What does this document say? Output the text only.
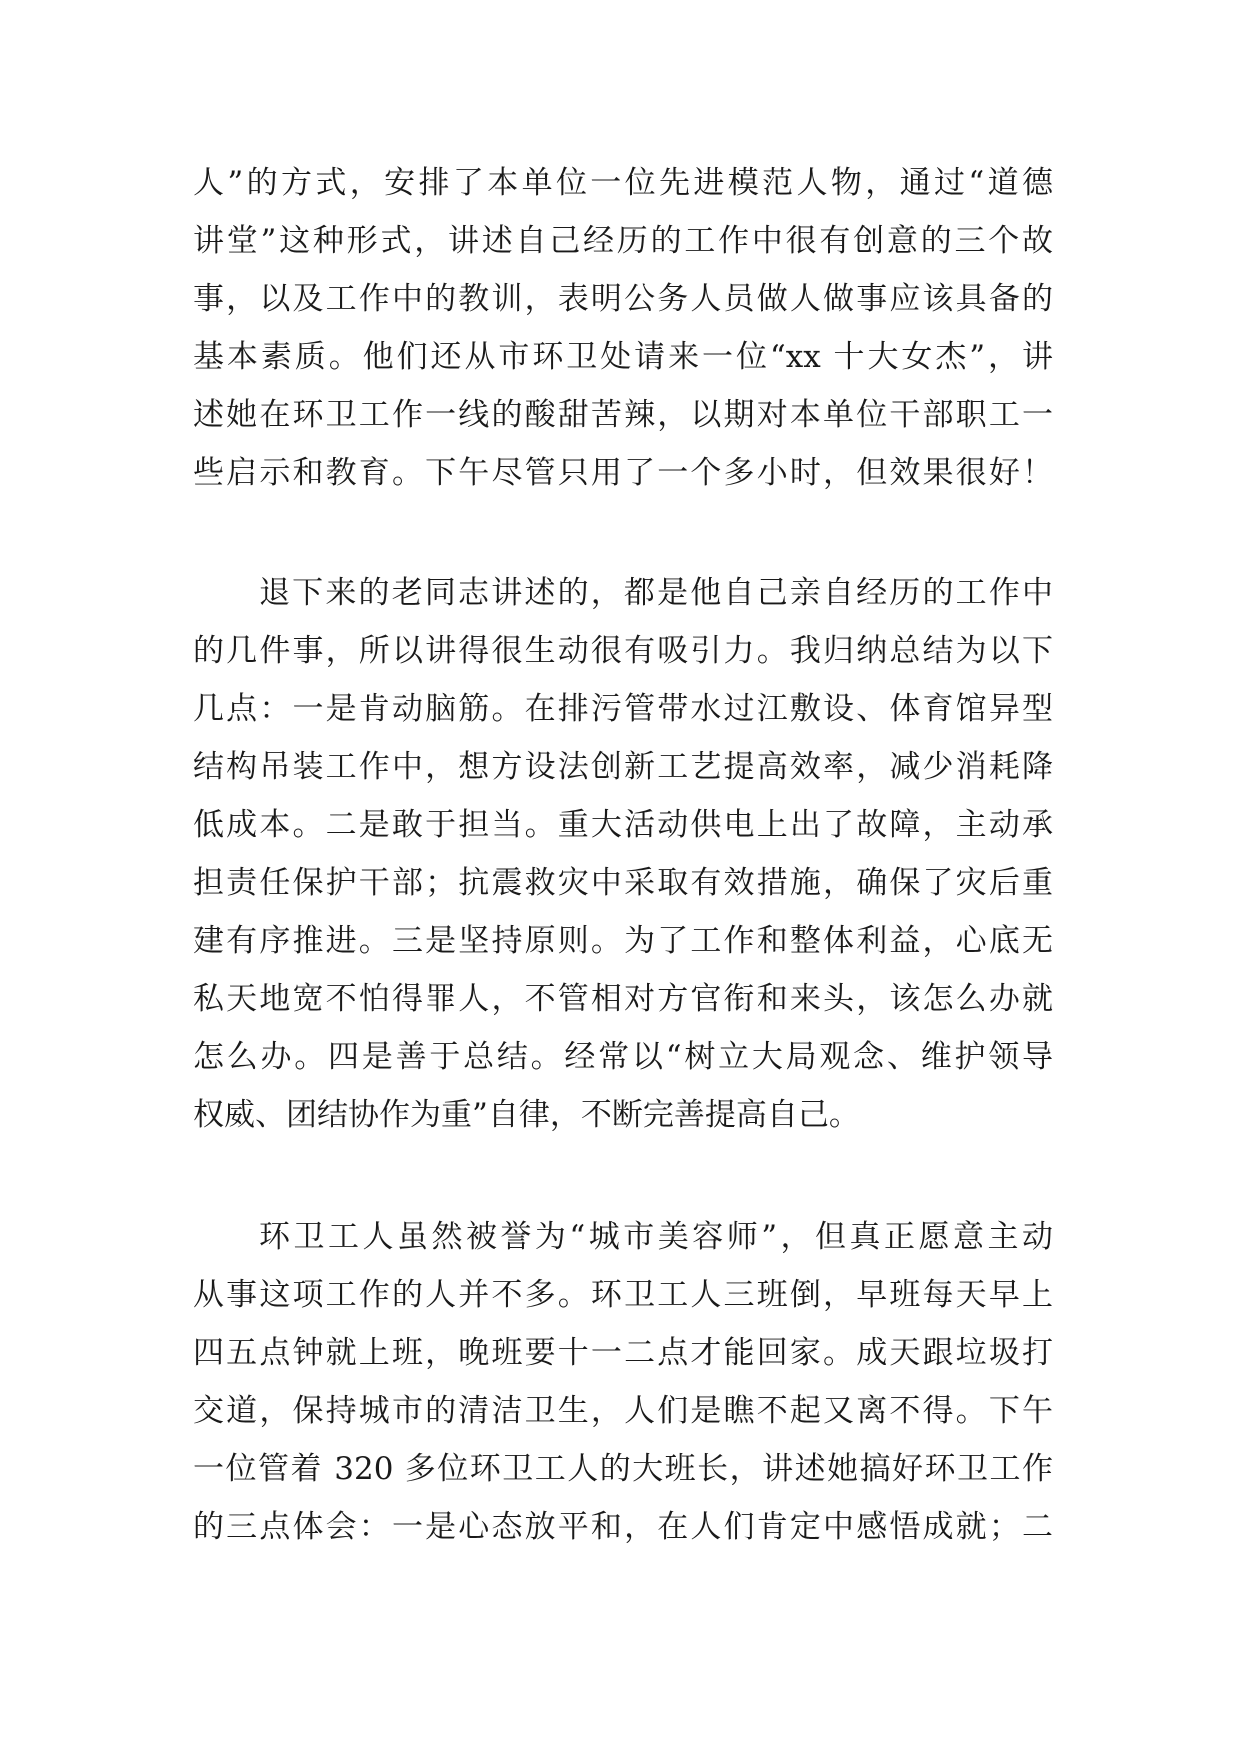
人”的方式，安排了本单位一位先进模范人物，通过“道德
讲堂”这种形式，讲述自己经历的工作中很有创意的三个故
事，以及工作中的教训，表明公务人员做人做事应该具备的
基本素质。他们还从市环卫处请来一位“xx 十大女杰”，讲
述她在环卫工作一线的酸甜苦辣，以期对本单位干部职工一
些启示和教育。下午尽管只用了一个多小时，但效果很好！
退下来的老同志讲述的，都是他自己亲自经历的工作中
的几件事，所以讲得很生动很有吸引力。我归纳总结为以下
几点：一是肯动脑筋。在排污管带水过江敷设、体育馆异型
结构吊装工作中，想方设法创新工艺提高效率，减少消耗降
低成本。二是敢于担当。重大活动供电上出了故障，主动承
担责任保护干部；抗震救灾中采取有效措施，确保了灾后重
建有序推进。三是坚持原则。为了工作和整体利益，心底无
私天地宽不怕得罪人，不管相对方官衔和来头，该怎么办就
怎么办。四是善于总结。经常以“树立大局观念、维护领导
权威、团结协作为重”自律，不断完善提高自己。
环卫工人虽然被誉为“城市美容师”，但真正愿意主动
从事这项工作的人并不多。环卫工人三班倒，早班每天早上
四五点钟就上班，晚班要十一二点才能回家。成天跟垃圾打
交道，保持城市的清洁卫生，人们是瞧不起又离不得。下午
一位管着 320 多位环卫工人的大班长，讲述她搞好环卫工作
的三点体会：一是心态放平和，在人们肯定中感悟成就；二
